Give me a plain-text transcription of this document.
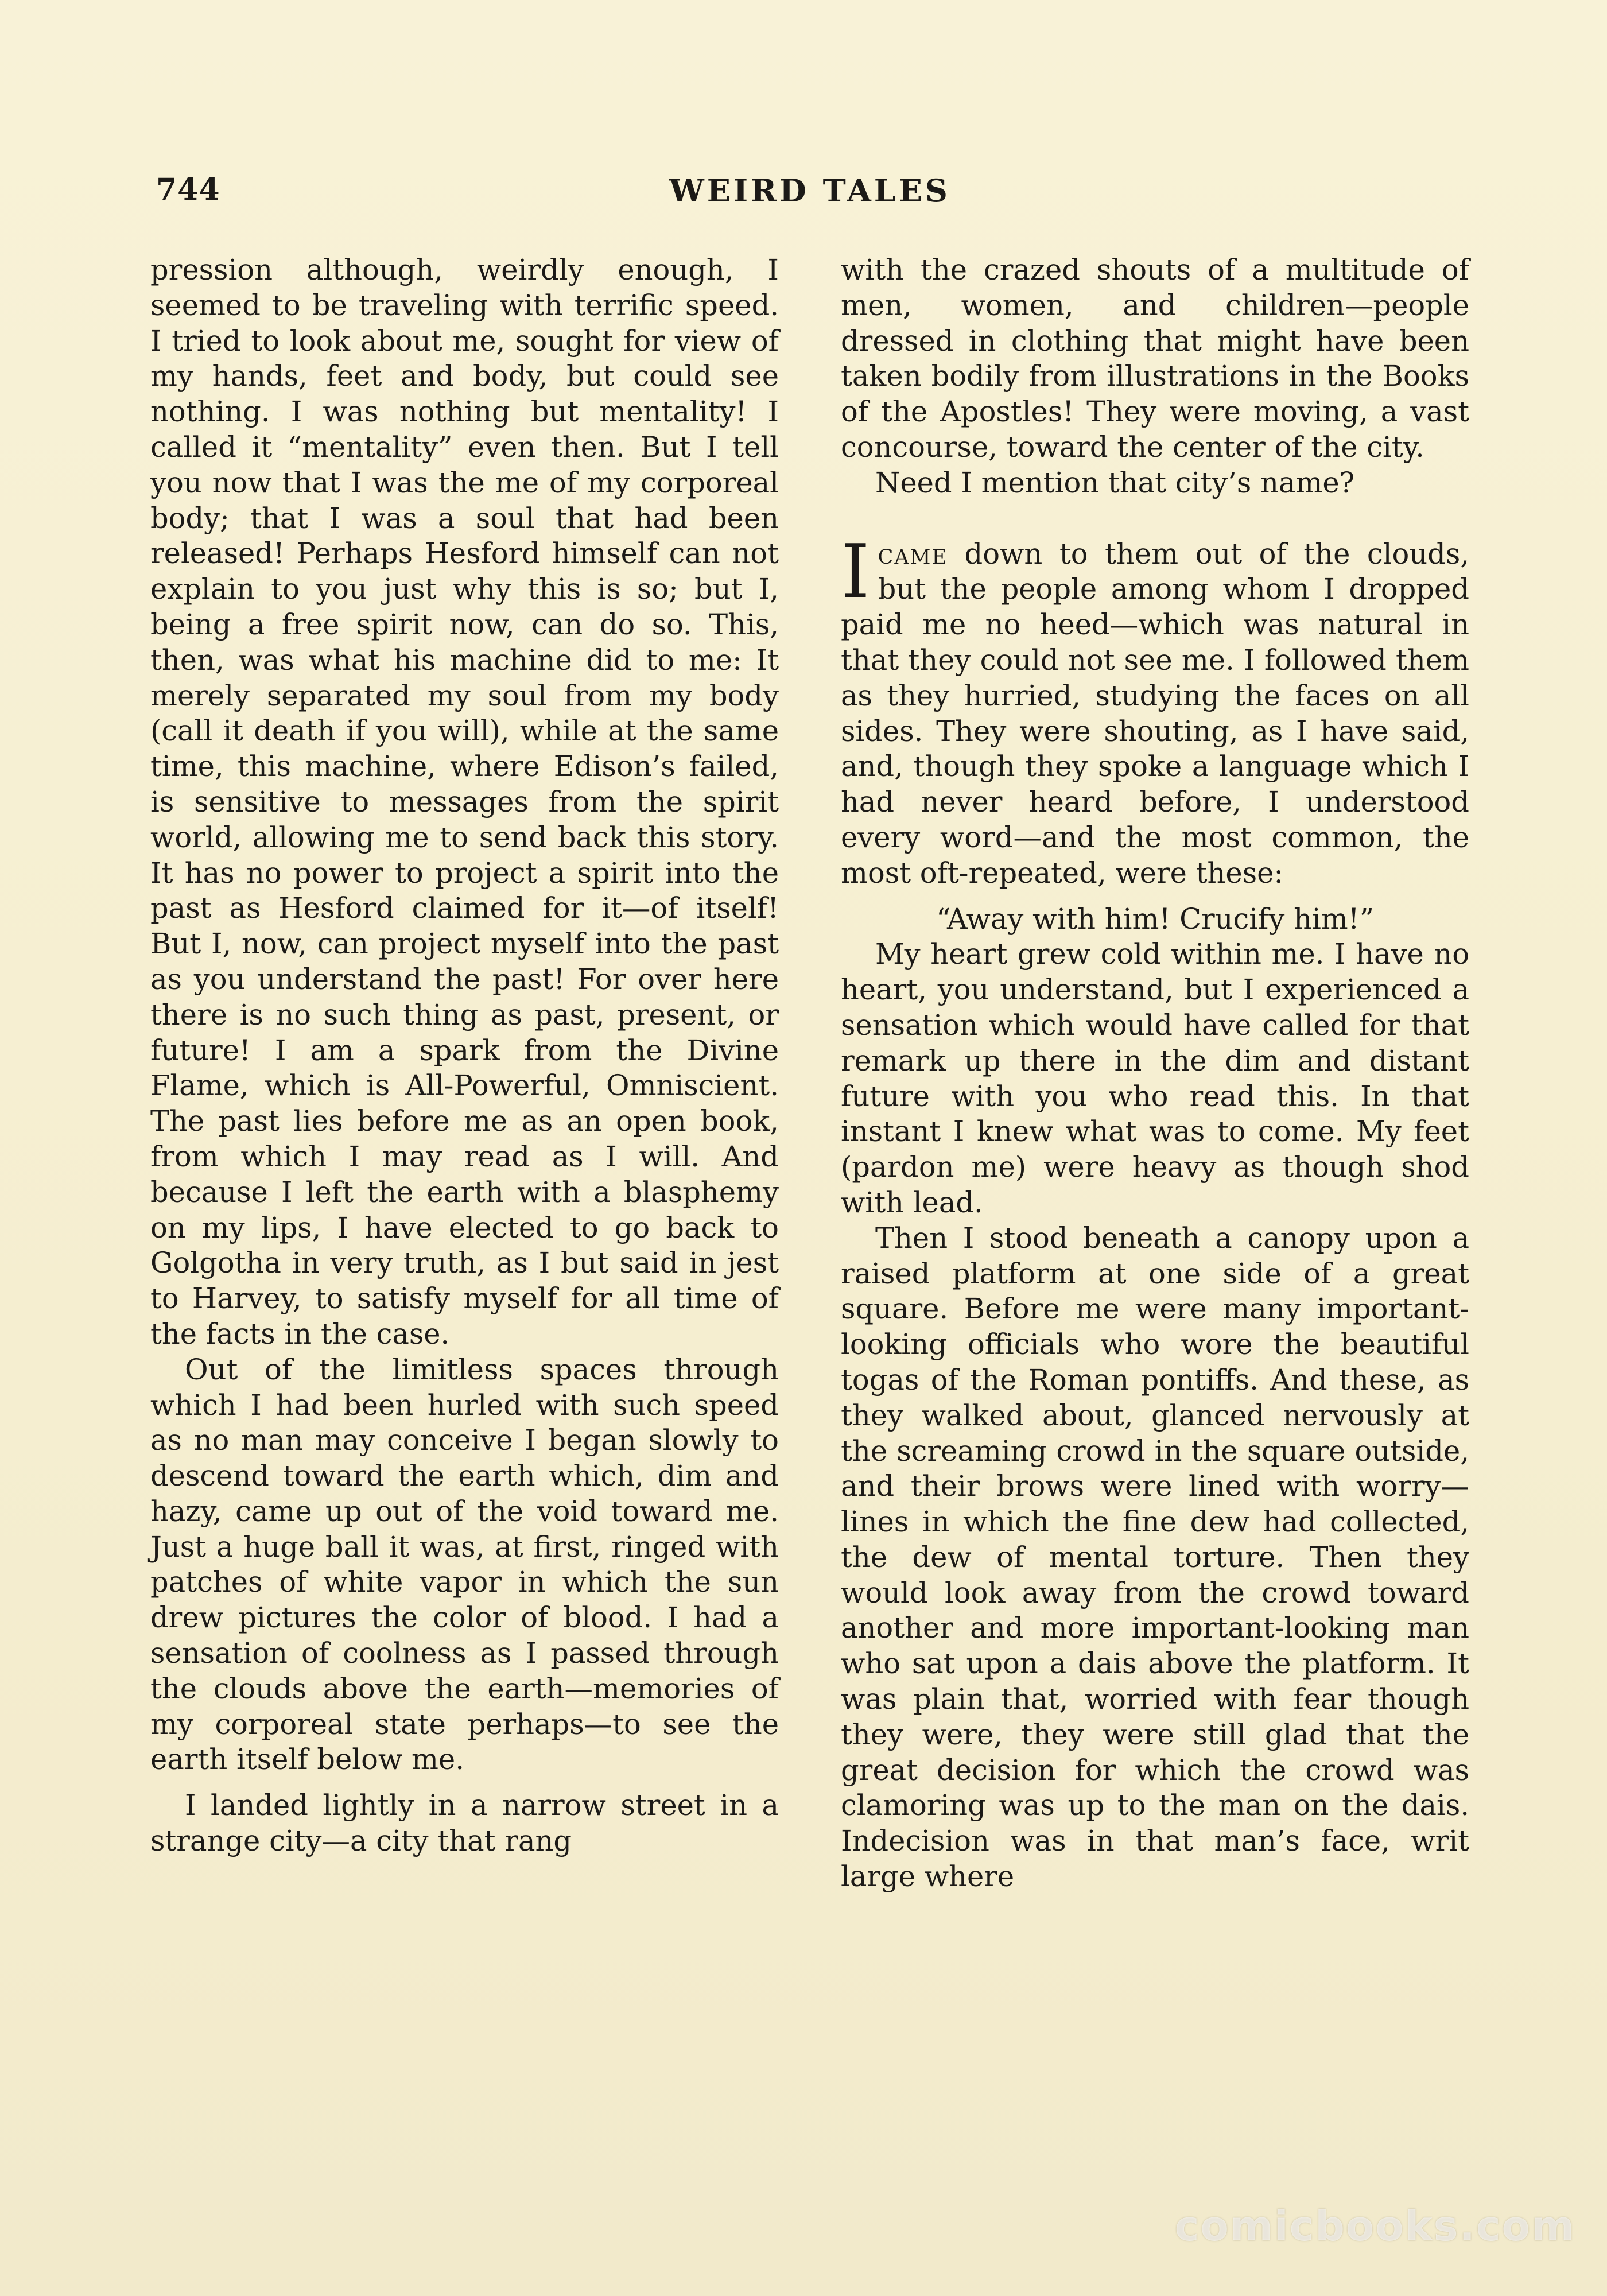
744	WEIRD TALES

pression although, weirdly enough, I seemed to be traveling with terrific speed. I tried to look about me, sought for view of my hands, feet and body, but could see nothing. I was nothing but mentality! I called it “mentality” even then. But I tell you now that I was the me of my corporeal body; that I was a soul that had been released! Perhaps Hesford himself can not explain to you just why this is so; but I, being a free spirit now, can do so. This, then, was what his machine did to me: It merely separated my soul from my body (call it death if you will), while at the same time, this machine, where Edison’s failed, is sensitive to messages from the spirit world, allowing me to send back this story. It has no power to project a spirit into the past as Hesford claimed for it—of itself! But I, now, can project myself into the past as you understand the past! For over here there is no such thing as past, present, or future! I am a spark from the Divine Flame, which is All-Powerful, Omniscient. The past lies before me as an open book, from which I may read as I will. And because I left the earth with a blasphemy on my lips, I have elected to go back to Golgotha in very truth, as I but said in jest to Harvey, to satisfy myself for all time of the facts in the case.

Out of the limitless spaces through which I had been hurled with such speed as no man may conceive I began slowly to descend toward the earth which, dim and hazy, came up out of the void toward me. Just a huge ball it was, at first, ringed with patches of white vapor in which the sun drew pictures the color of blood. I had a sensation of coolness as I passed through the clouds above the earth—memories of my corporeal state perhaps—to see the earth itself below me.

I landed lightly in a narrow street in a strange city—a city that rang

with the crazed shouts of a multitude of men, women, and children—people dressed in clothing that might have been taken bodily from illustrations in the Books of the Apostles! They were moving, a vast concourse, toward the center of the city.

Need I mention that city’s name?

Icame down to them out of the clouds, but the people among whom I dropped paid me no heed—which was natural in that they could not see me. I followed them as they hurried, studying the faces on all sides. They were shouting, as I have said, and, though they spoke a language which I had never heard before, I understood every word—and the most common, the most oft-repeated, were these:

“Away with him! Crucify him!”

My heart grew cold within me. I have no heart, you understand, but I experienced a sensation which would have called for that remark up there in the dim and distant future with you who read this. In that instant I knew what was to come. My feet (pardon me) were heavy as though shod with lead.

Then I stood beneath a canopy upon a raised platform at one side of a great square. Before me were many important-looking officials who wore the beautiful togas of the Roman pontiffs. And these, as they walked about, glanced nervously at the screaming crowd in the square outside, and their brows were lined with worry—lines in which the fine dew had collected, the dew of mental torture. Then they would look away from the crowd toward another and more important-looking man who sat upon a dais above the platform. It was plain that, worried with fear though they were, they were still glad that the great decision for which the crowd was clamoring was up to the man on the dais. Indecision was in that man’s face, writ large where

comicbooks.com
